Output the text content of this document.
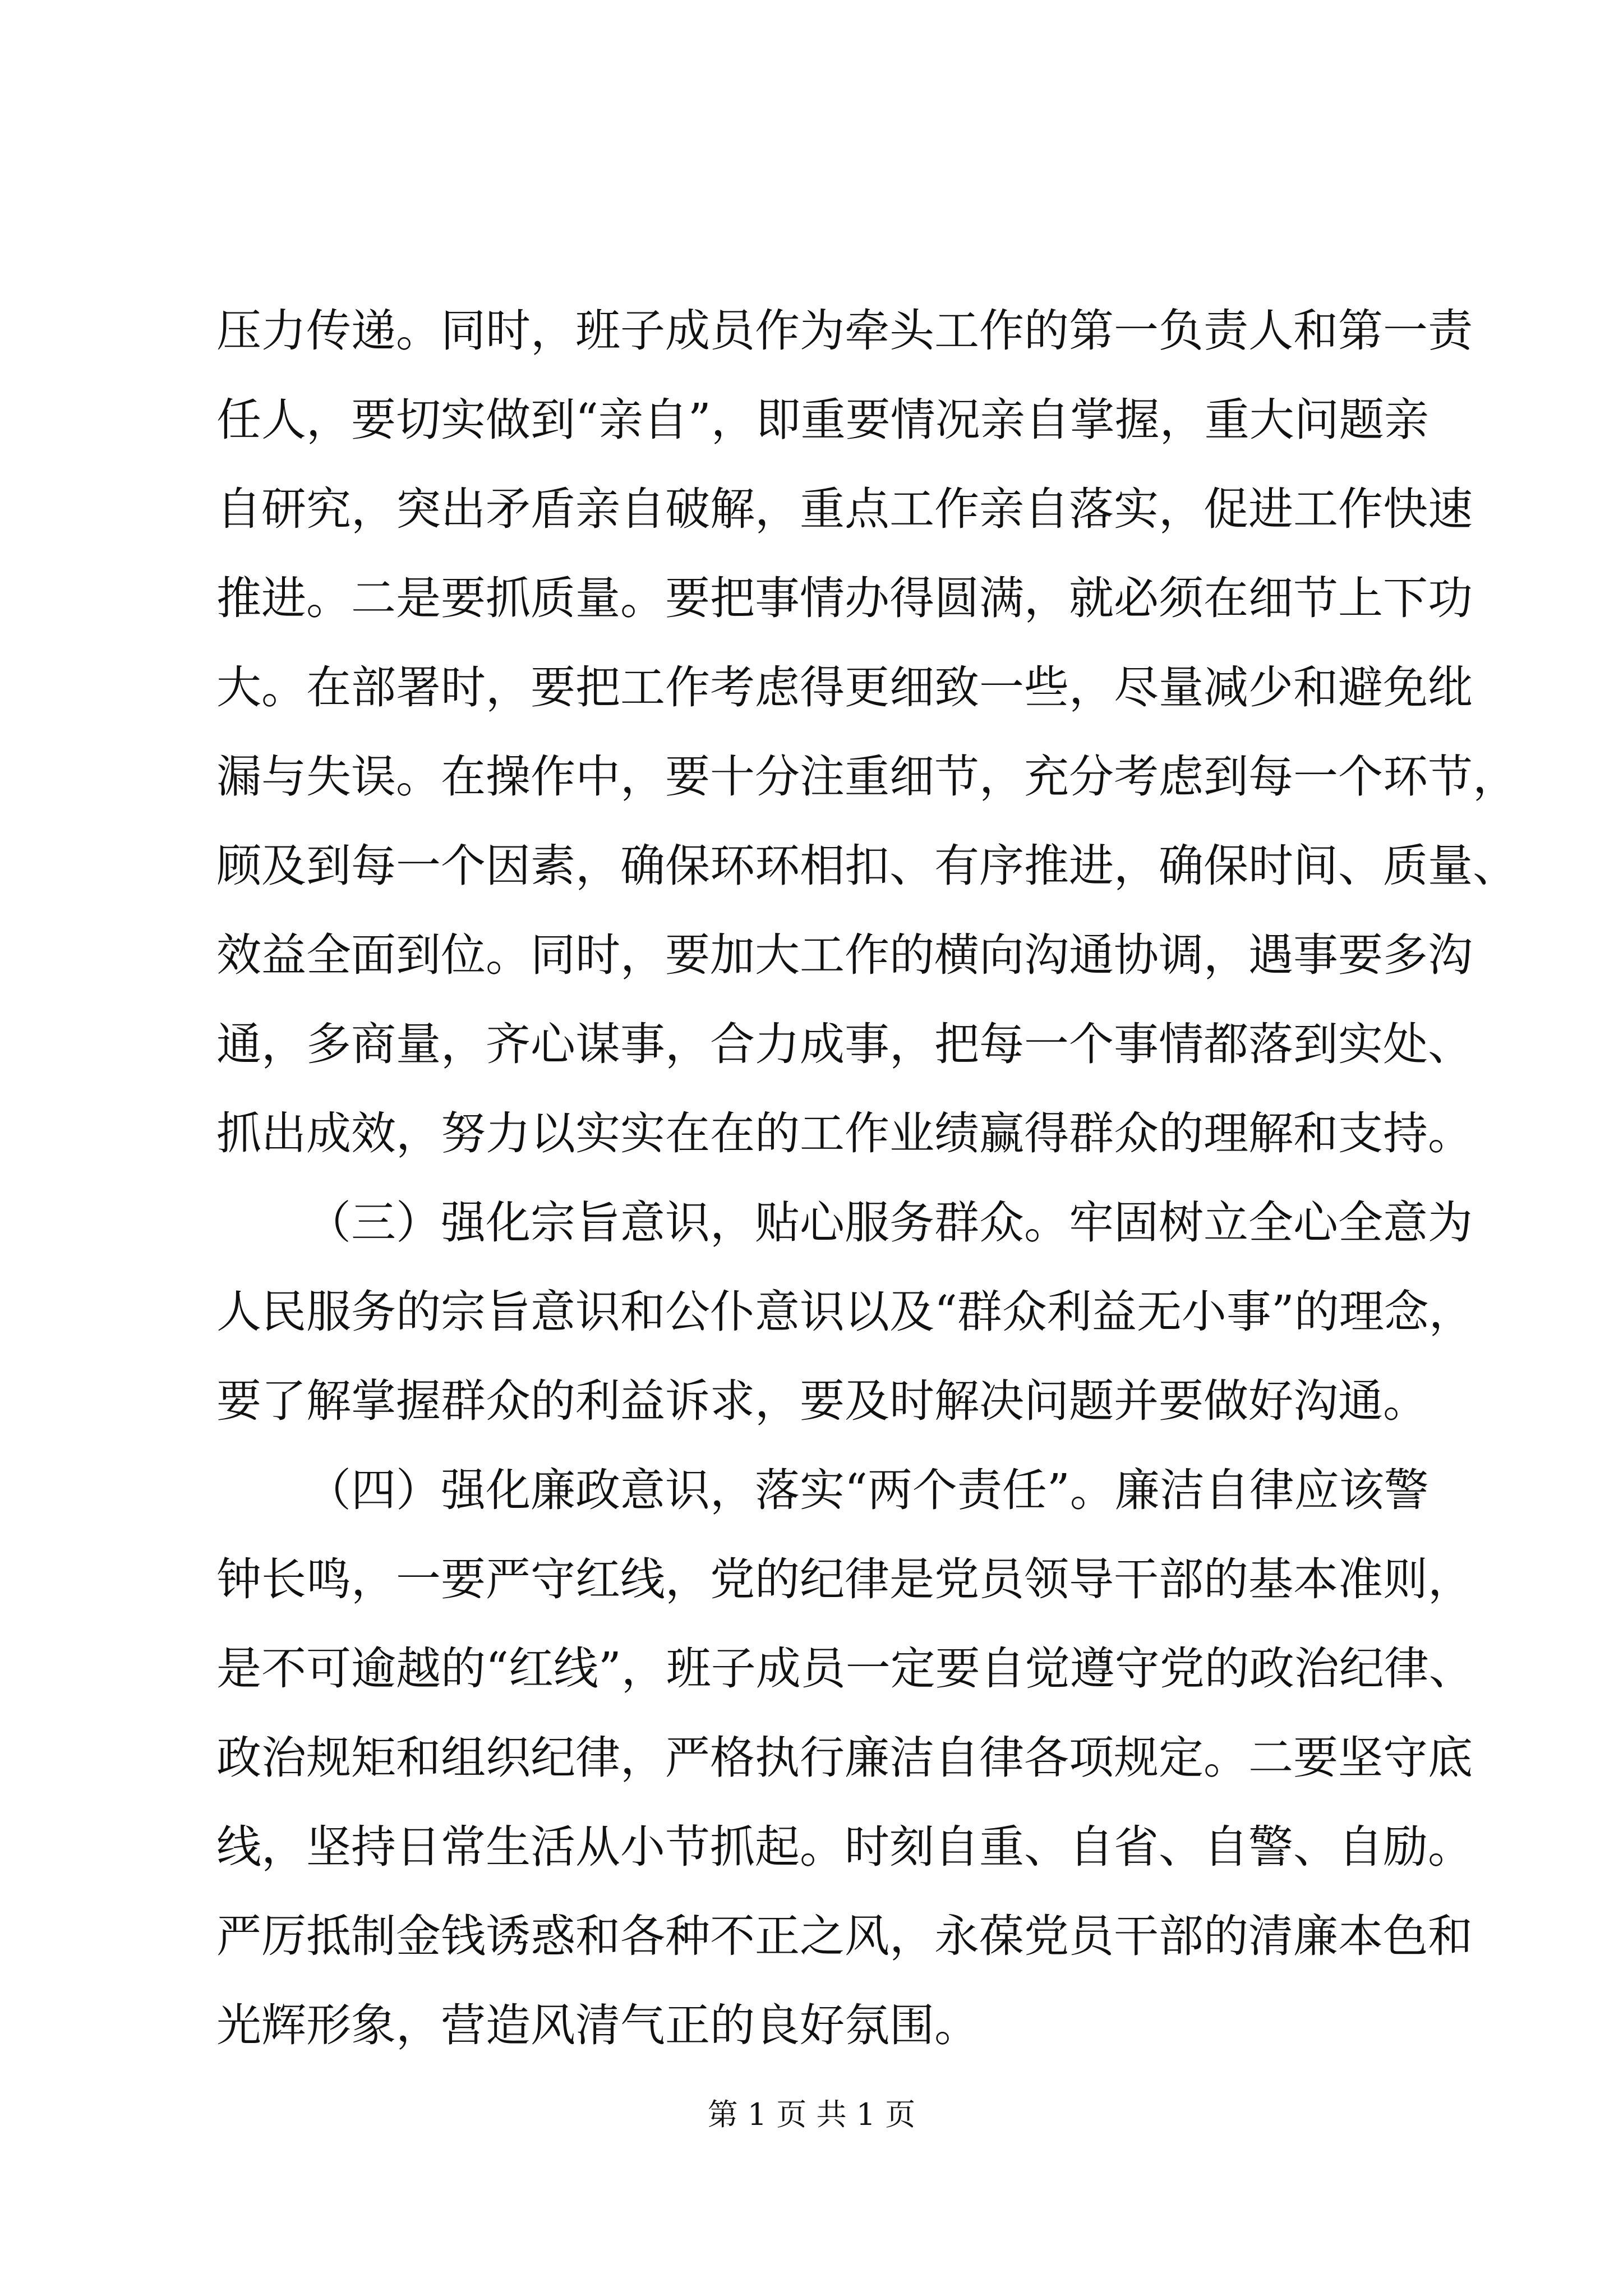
压力传递。同时，班子成员作为牵头工作的第一负责人和第一责
任人，要切实做到“亲自”，即重要情况亲自掌握，重大问题亲
自研究，突出矛盾亲自破解，重点工作亲自落实，促进工作快速
推进。二是要抓质量。要把事情办得圆满，就必须在细节上下功
大。在部署时，要把工作考虑得更细致一些，尽量减少和避免纰
漏与失误。在操作中，要十分注重细节，充分考虑到每一个环节，
顾及到每一个因素，确保环环相扣、有序推进，确保时间、质量、
效益全面到位。同时，要加大工作的横向沟通协调，遇事要多沟
通，多商量，齐心谋事，合力成事，把每一个事情都落到实处、
抓出成效，努力以实实在在的工作业绩赢得群众的理解和支持。
（三）强化宗旨意识，贴心服务群众。牢固树立全心全意为
人民服务的宗旨意识和公仆意识以及“群众利益无小事”的理念，
要了解掌握群众的利益诉求，要及时解决问题并要做好沟通。
（四）强化廉政意识，落实“两个责任”。廉洁自律应该警
钟长鸣，一要严守红线，党的纪律是党员领导干部的基本准则，
是不可逾越的“红线”，班子成员一定要自觉遵守党的政治纪律、
政治规矩和组织纪律，严格执行廉洁自律各项规定。二要坚守底
线，坚持日常生活从小节抓起。时刻自重、自省、自警、自励。
严厉抵制金钱诱惑和各种不正之风，永葆党员干部的清廉本色和
光辉形象，营造风清气正的良好氛围。
第 1 页 共 1 页
